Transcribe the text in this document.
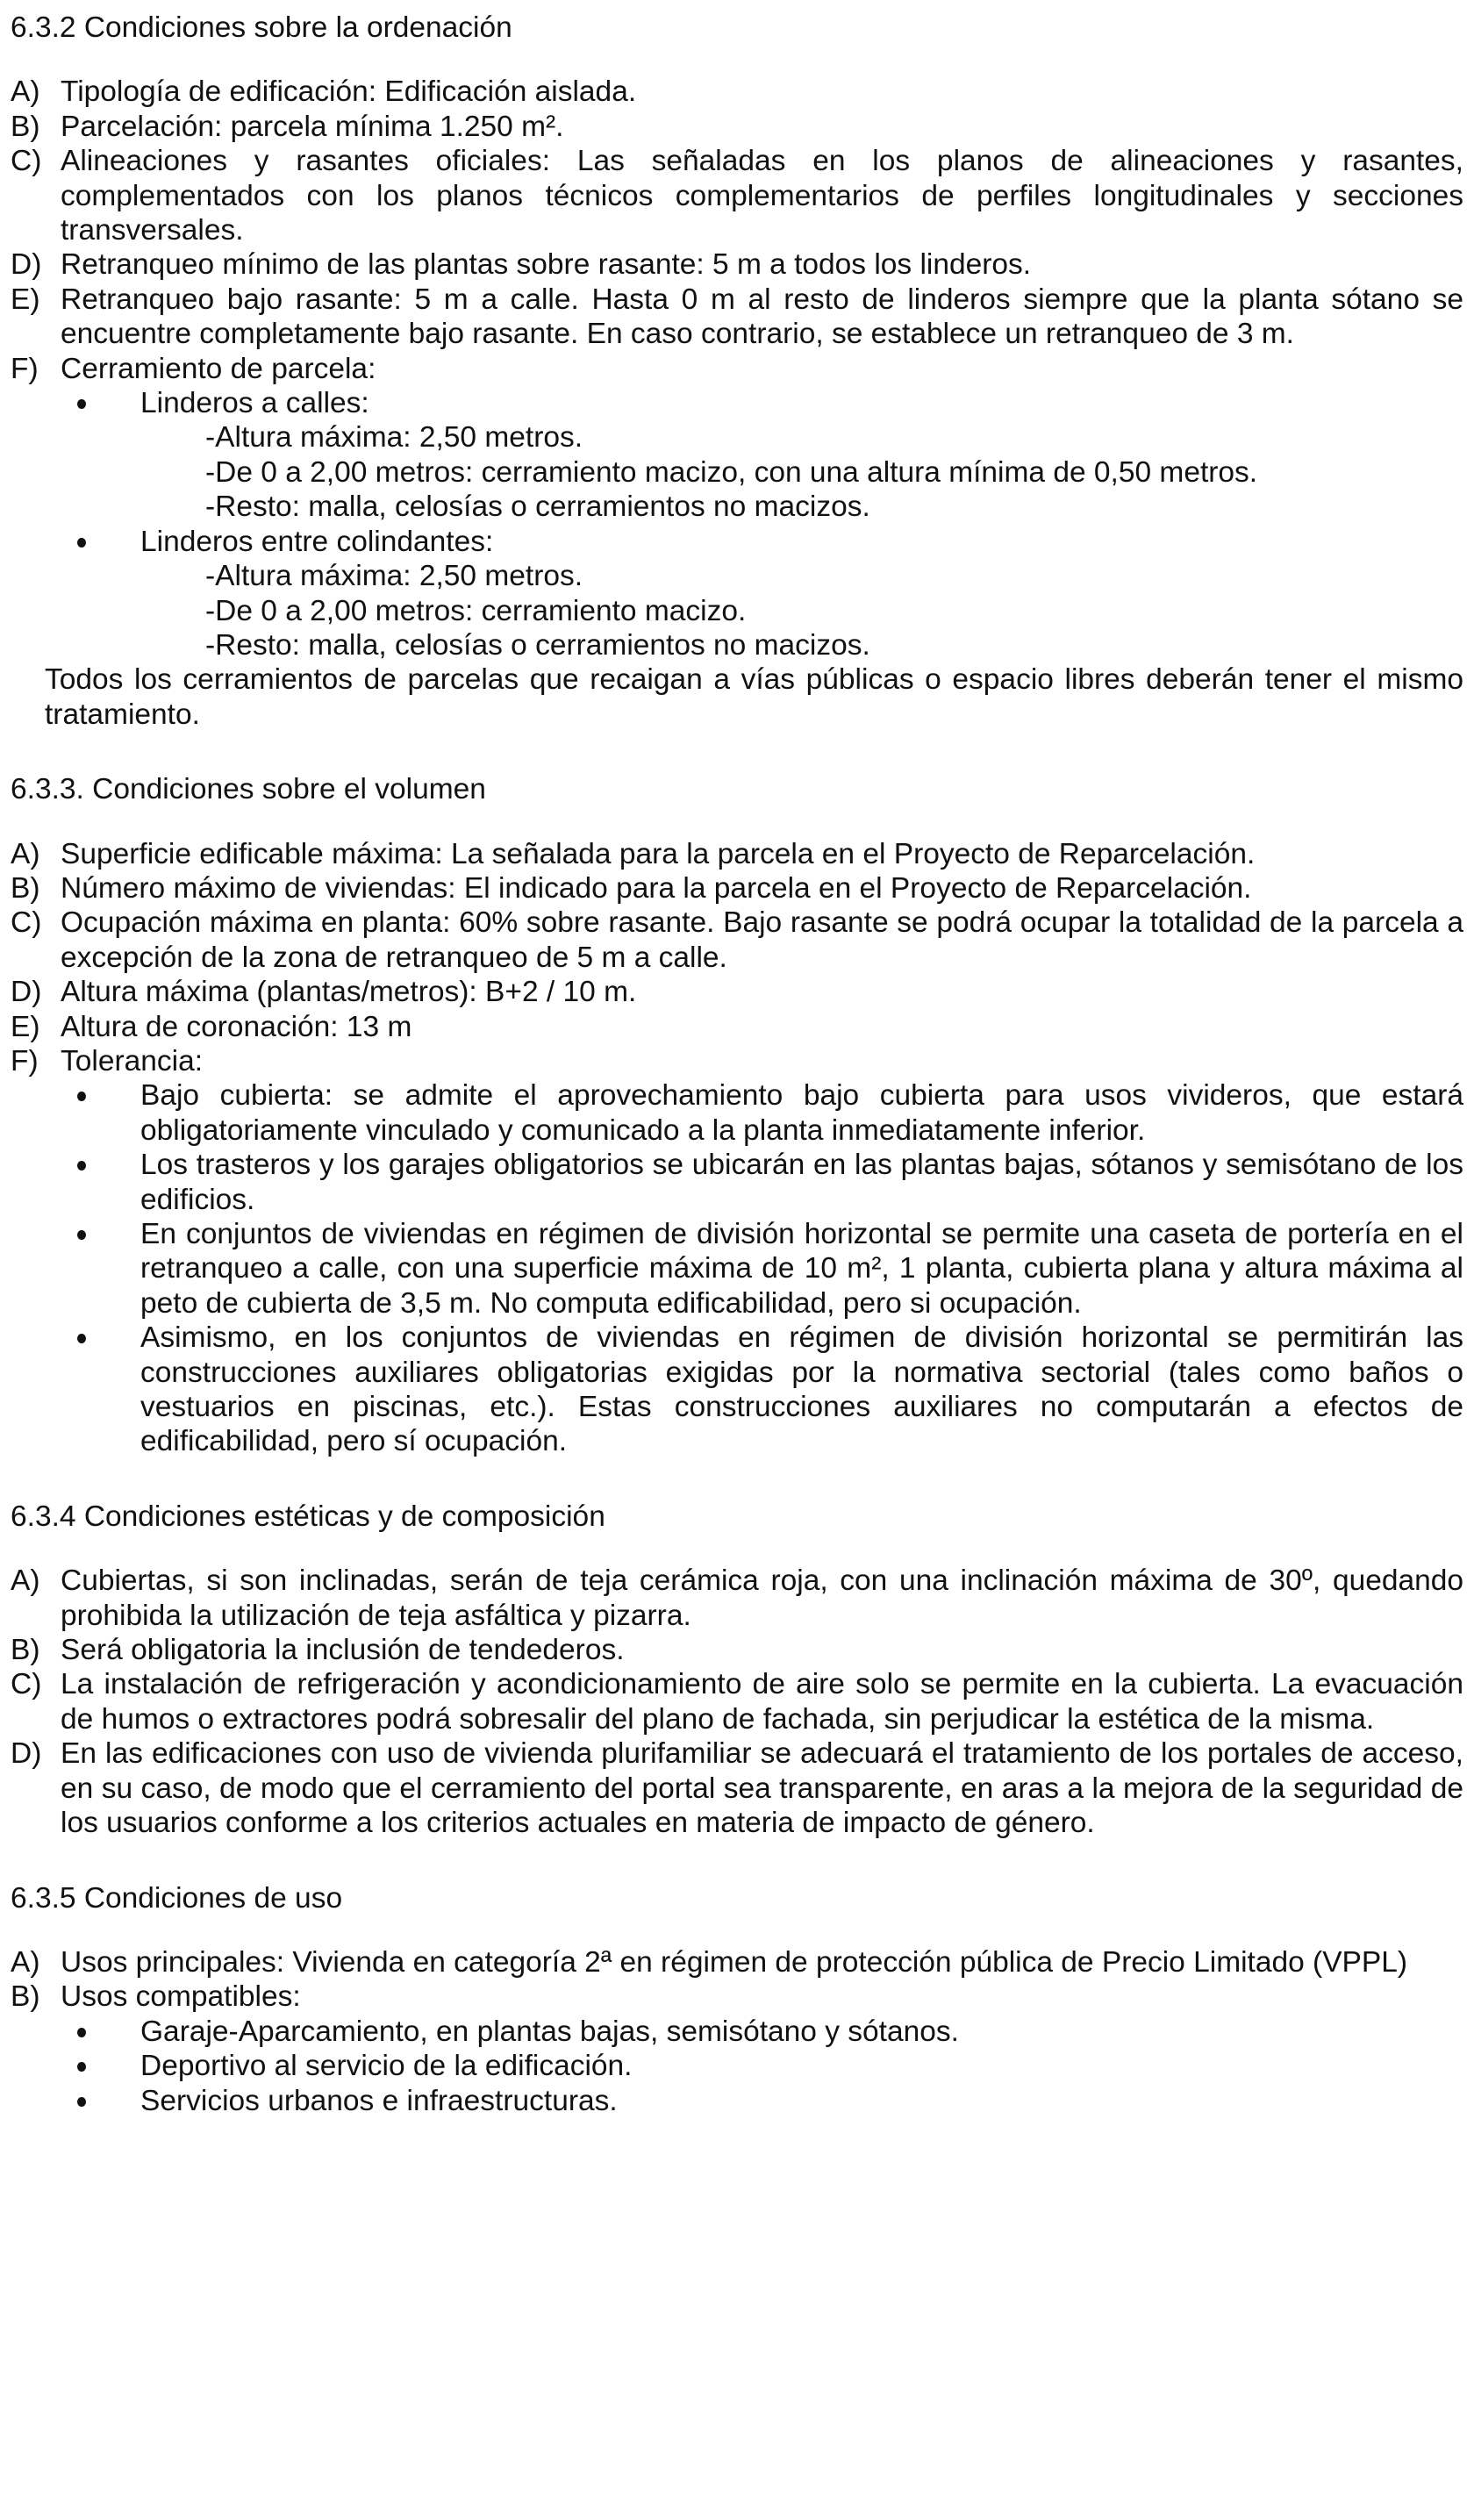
6.3.2 Condiciones sobre la ordenación
A) Tipología de edificación: Edificación aislada.
B) Parcelación: parcela mínima 1.250 m².
C) Alineaciones y rasantes oficiales: Las señaladas en los planos de alineaciones y rasantes, complementados con los planos técnicos complementarios de perfiles longitudinales y secciones transversales.
D) Retranqueo mínimo de las plantas sobre rasante: 5 m a todos los linderos.
E) Retranqueo bajo rasante: 5 m a calle. Hasta 0 m al resto de linderos siempre que la planta sótano se encuentre completamente bajo rasante. En caso contrario, se establece un retranqueo de 3 m.
F) Cerramiento de parcela:
Linderos a calles:
-Altura máxima: 2,50 metros.
-De 0 a 2,00 metros: cerramiento macizo, con una altura mínima de 0,50 metros.
-Resto: malla, celosías o cerramientos no macizos.
Linderos entre colindantes:
-Altura máxima: 2,50 metros.
-De 0 a 2,00 metros: cerramiento macizo.
-Resto: malla, celosías o cerramientos no macizos.
Todos los cerramientos de parcelas que recaigan a vías públicas o espacio libres deberán tener el mismo tratamiento.
6.3.3. Condiciones sobre el volumen
A) Superficie edificable máxima: La señalada para la parcela en el Proyecto de Reparcelación.
B) Número máximo de viviendas: El indicado para la parcela en el Proyecto de Reparcelación.
C) Ocupación máxima en planta: 60% sobre rasante. Bajo rasante se podrá ocupar la totalidad de la parcela a excepción de la zona de retranqueo de 5 m a calle.
D) Altura máxima (plantas/metros): B+2 / 10 m.
E) Altura de coronación: 13 m
F) Tolerancia:
Bajo cubierta: se admite el aprovechamiento bajo cubierta para usos vivideros, que estará obligatoriamente vinculado y comunicado a la planta inmediatamente inferior.
Los trasteros y los garajes obligatorios se ubicarán en las plantas bajas, sótanos y semisótano de los edificios.
En conjuntos de viviendas en régimen de división horizontal se permite una caseta de portería en el retranqueo a calle, con una superficie máxima de 10 m², 1 planta, cubierta plana y altura máxima al peto de cubierta de 3,5 m. No computa edificabilidad, pero si ocupación.
Asimismo, en los conjuntos de viviendas en régimen de división horizontal se permitirán las construcciones auxiliares obligatorias exigidas por la normativa sectorial (tales como baños o vestuarios en piscinas, etc.). Estas construcciones auxiliares no computarán a efectos de edificabilidad, pero sí ocupación.
6.3.4 Condiciones estéticas y de composición
A) Cubiertas, si son inclinadas, serán de teja cerámica roja, con una inclinación máxima de 30º, quedando prohibida la utilización de teja asfáltica y pizarra.
B) Será obligatoria la inclusión de tendederos.
C) La instalación de refrigeración y acondicionamiento de aire solo se permite en la cubierta. La evacuación de humos o extractores podrá sobresalir del plano de fachada, sin perjudicar la estética de la misma.
D) En las edificaciones con uso de vivienda plurifamiliar se adecuará el tratamiento de los portales de acceso, en su caso, de modo que el cerramiento del portal sea transparente, en aras a la mejora de la seguridad de los usuarios conforme a los criterios actuales en materia de impacto de género.
6.3.5 Condiciones de uso
A) Usos principales: Vivienda en categoría 2ª en régimen de protección pública de Precio Limitado (VPPL)
B) Usos compatibles:
Garaje-Aparcamiento, en plantas bajas, semisótano y sótanos.
Deportivo al servicio de la edificación.
Servicios urbanos e infraestructuras.
